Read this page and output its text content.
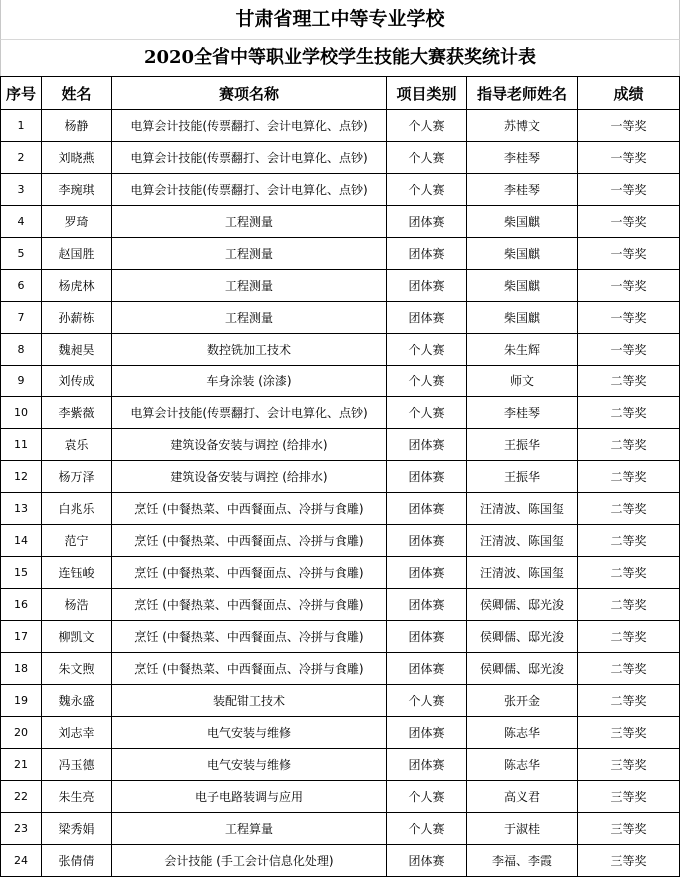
甘肃省理工中等专业学校
2020全省中等职业学校学生技能大赛获奖统计表
序号	姓名	赛项名称	项目类别	指导老师姓名	成绩
1	杨静	电算会计技能(传票翻打、会计电算化、点钞)	个人赛	苏博文	一等奖
2	刘晓燕	电算会计技能(传票翻打、会计电算化、点钞)	个人赛	李桂琴	一等奖
3	李琬琪	电算会计技能(传票翻打、会计电算化、点钞)	个人赛	李桂琴	一等奖
4	罗琦	工程测量	团体赛	柴国麒	一等奖
5	赵国胜	工程测量	团体赛	柴国麒	一等奖
6	杨虎林	工程测量	团体赛	柴国麒	一等奖
7	孙薪栋	工程测量	团体赛	柴国麒	一等奖
8	魏昶昊	数控铣加工技术	个人赛	朱生辉	一等奖
9	刘传成	车身涂装 (涂漆)	个人赛	师文	二等奖
10	李紫薇	电算会计技能(传票翻打、会计电算化、点钞)	个人赛	李桂琴	二等奖
11	袁乐	建筑设备安装与调控 (给排水)	团体赛	王振华	二等奖
12	杨万泽	建筑设备安装与调控 (给排水)	团体赛	王振华	二等奖
13	白兆乐	烹饪 (中餐热菜、中西餐面点、冷拼与食雕)	团体赛	汪清波、陈国玺	二等奖
14	范宁	烹饪 (中餐热菜、中西餐面点、冷拼与食雕)	团体赛	汪清波、陈国玺	二等奖
15	连钰峻	烹饪 (中餐热菜、中西餐面点、冷拼与食雕)	团体赛	汪清波、陈国玺	二等奖
16	杨浩	烹饪 (中餐热菜、中西餐面点、冷拼与食雕)	团体赛	侯卿儒、邸光浚	二等奖
17	柳凯文	烹饪 (中餐热菜、中西餐面点、冷拼与食雕)	团体赛	侯卿儒、邸光浚	二等奖
18	朱文煦	烹饪 (中餐热菜、中西餐面点、冷拼与食雕)	团体赛	侯卿儒、邸光浚	二等奖
19	魏永盛	装配钳工技术	个人赛	张开金	二等奖
20	刘志幸	电气安装与维修	团体赛	陈志华	三等奖
21	冯玉德	电气安装与维修	团体赛	陈志华	三等奖
22	朱生亮	电子电路装调与应用	个人赛	高义君	三等奖
23	梁秀娟	工程算量	个人赛	于淑桂	三等奖
24	张倩倩	会计技能 (手工会计信息化处理)	团体赛	李福、李霞	三等奖
